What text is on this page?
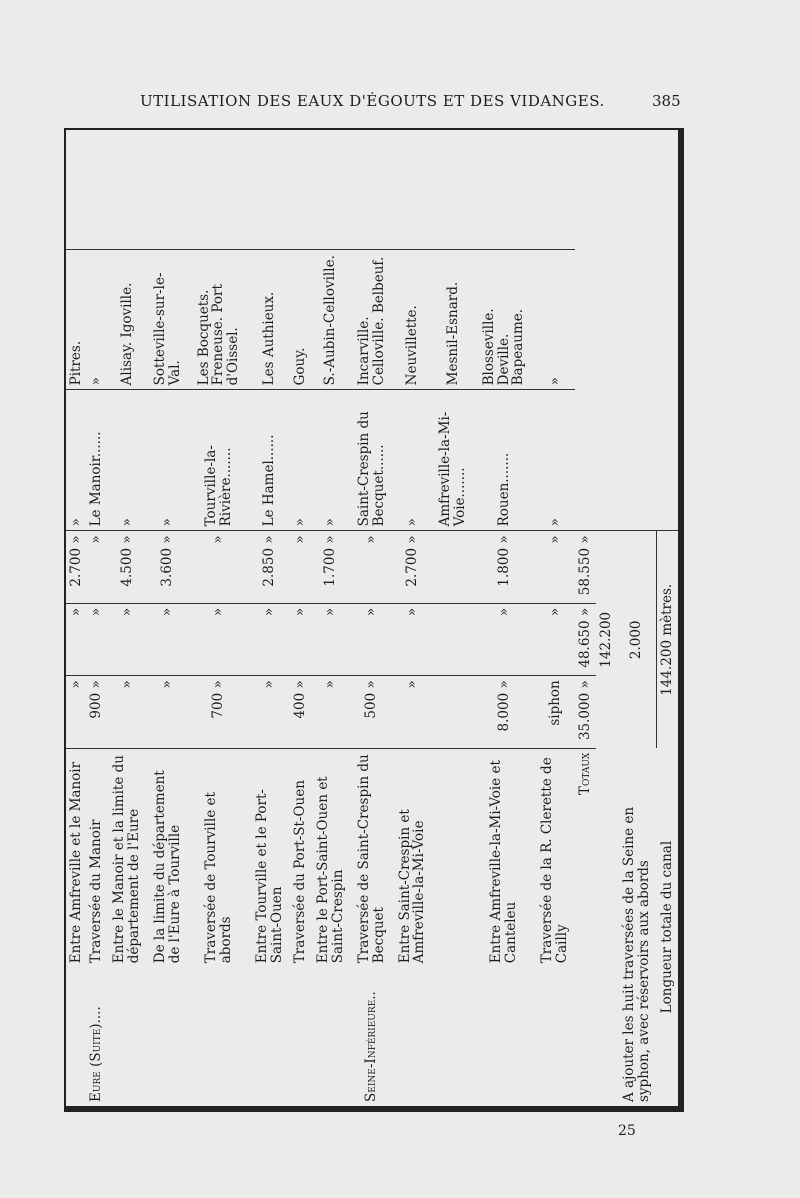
UTILISATION DES EAUX D'ÉGOUTS ET DES VIDANGES.	385
	Entre Amfreville et le Manoir	»	»	2.700 »	»	Pitres.	
Eure (Suite)....	Traversée du Manoir	900 »	»	»	Le Manoir......	»	
	Entre le Manoir et la limite du département de l'Eure	»	»	4.500 »	»	Alisay. Igoville.	
	De la limite du département de l'Eure à Tourville	»	»	3.600 »	»	Sotteville-sur-le-Val.	
	Traversée de Tourville et abords	700 »	»	»	Tourville-la-Rivière.......	Les Bocquets. Freneuse. Port d'Oissel.	
	Entre Tourville et le Port-Saint-Ouen	»	»	2.850 »	Le Hamel......	Les Authieux.	
	Traversée du Port-St-Ouen	400 »	»	»	»	Gouy.	
	Entre le Port-Saint-Ouen et Saint-Crespin	»	»	1.700 »	»	S.-Aubin-Celloville.	
Seine-Inférieure..	Traversée de Saint-Crespin du Becquet	500 »	»	»	Saint-Crespin du Becquet......	Incarville. Celloville. Belbeuf.	
	Entre Saint-Crespin et Amfreville-la-Mi-Voie	»	»	2.700 »	»	Neuvillette.	
					Amfreville-la-Mi-Voie.......	Mesnil-Esnard.	
	Entre Amfreville-la-Mi-Voie et Canteleu	8.000 »	»	1.800 »	Rouen.......	Blosseville. Deville. Bapeaume.	
	Traversée de la R. Clerette de Cailly	siphon	»	»	»	»	
Totaux		35.000 »	48.650 »	58.550 »			
		142.200					
A ajouter les huit traversées de la Seine en syphon, avec réservoirs aux abords		2.000					
Longueur totale du canal		144.200 mètres.					
25
